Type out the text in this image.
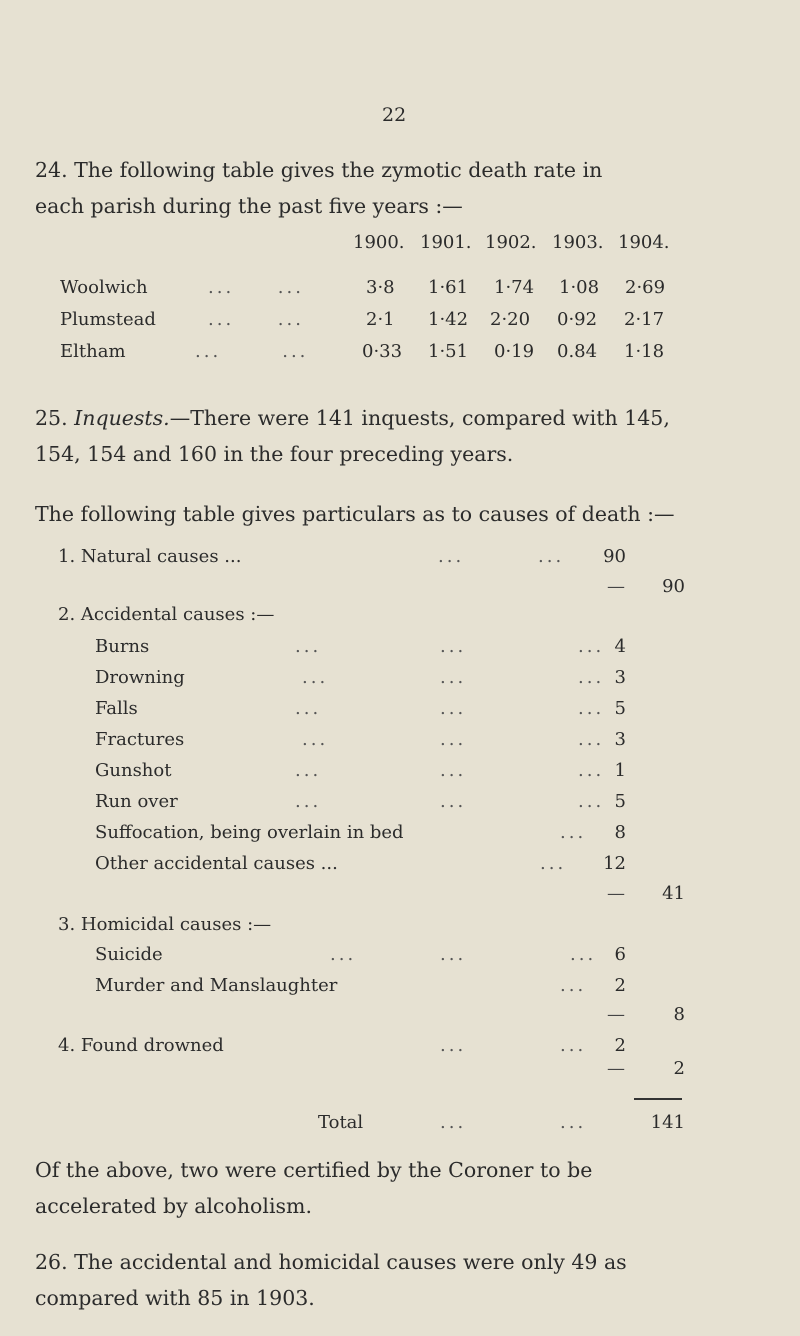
22
24. The following table gives the zymotic death rate in
each parish during the past five years :—
1900. 1901. 1902. 1903. 1904.
Woolwich	...     ...	3·8 1·61 1·74 1·08 2·69
Plumstead	...     ...	2·1 1·42 2·20 0·92 2·17
Eltham	...       ...	0·33 1·51 0·19 0.84 1·18
25. Inquests.—There were 141 inquests, compared with 145,
154, 154 and 160 in the four preceding years.
The following table gives particulars as to causes of death :—
1. Natural causes ...	...	...	90
—	90
2. Accidental causes :—
Burns	...	...	... 4
Drowning	...	...	... 3
Falls	...	...	... 5
Fractures	...	...	... 3
Gunshot	...	...	... 1
Run over	...	...	... 5
Suffocation, being overlain in bed	...	8
Other accidental causes ...	...	12
—	41
3. Homicidal causes :—
Suicide	...	...	...	6
Murder and Manslaughter	...	2
—	8
4. Found drowned	...	...	2
—	2
Total	...	...	141
Of the above, two were certified by the Coroner to be
accelerated by alcoholism.
26. The accidental and homicidal causes were only 49 as
compared with 85 in 1903.
